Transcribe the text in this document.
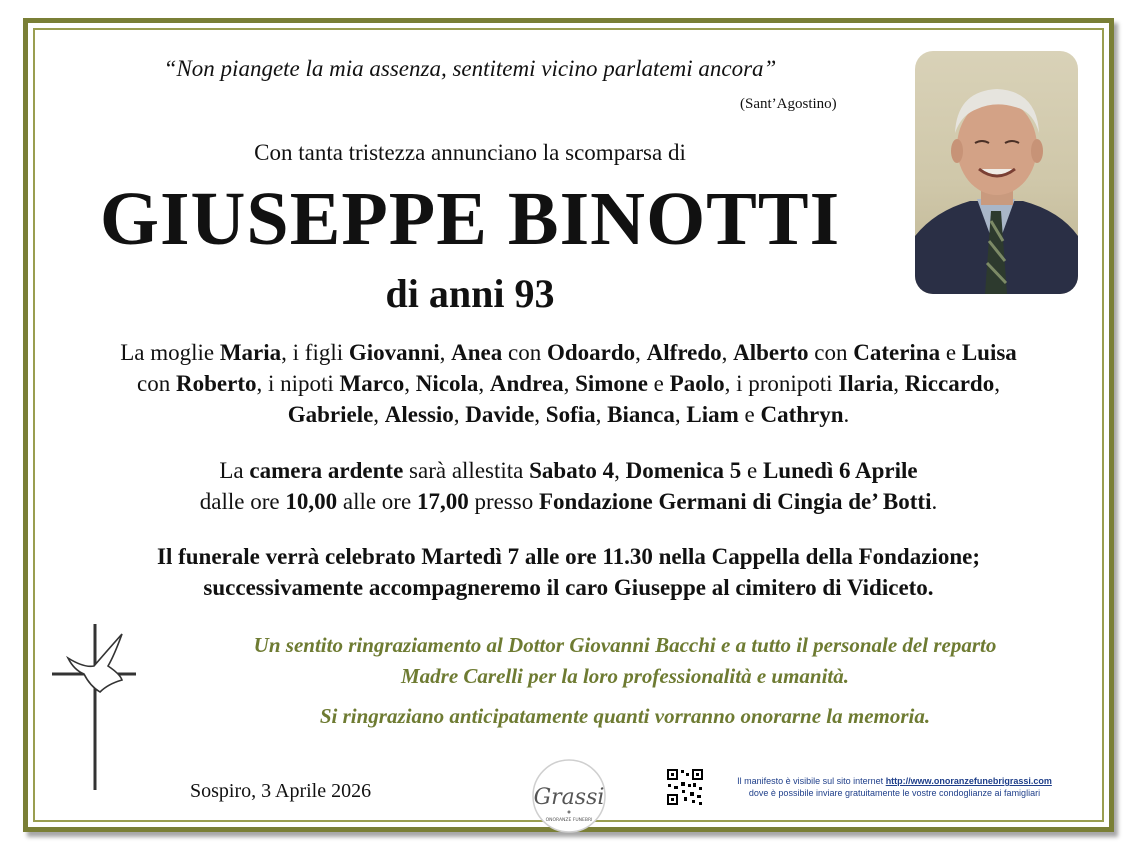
“Non piangete la mia assenza, sentitemi vicino parlatemi ancora”
(Sant’Agostino)
Con tanta tristezza annunciano la scomparsa di
GIUSEPPE BINOTTI
di anni 93
La moglie Maria, i figli Giovanni, Anea con Odoardo, Alfredo, Alberto con Caterina e Luisa
con Roberto, i nipoti Marco, Nicola, Andrea, Simone e Paolo, i pronipoti Ilaria, Riccardo,
Gabriele, Alessio, Davide, Sofia, Bianca, Liam e Cathryn.
La camera ardente sarà allestita Sabato 4, Domenica 5 e Lunedì 6 Aprile
dalle ore 10,00 alle ore 17,00 presso Fondazione Germani di Cingia de’ Botti.
Il funerale verrà celebrato Martedì 7 alle ore 11.30 nella Cappella della Fondazione;
successivamente accompagneremo il caro Giuseppe al cimitero di Vidiceto.
Un sentito ringraziamento al Dottor Giovanni Bacchi e a tutto il personale del reparto
Madre Carelli per la loro professionalità e umanità.
Si ringraziano anticipatamente quanti vorranno onorarne la memoria.
Sospiro, 3 Aprile 2026	Grassi
ONORANZE FUNEBRI
Il manifesto è visibile sul sito internet http://www.onoranzefunebrigrassi.com
dove è possibile inviare gratuitamente le vostre condoglianze ai famigliari
